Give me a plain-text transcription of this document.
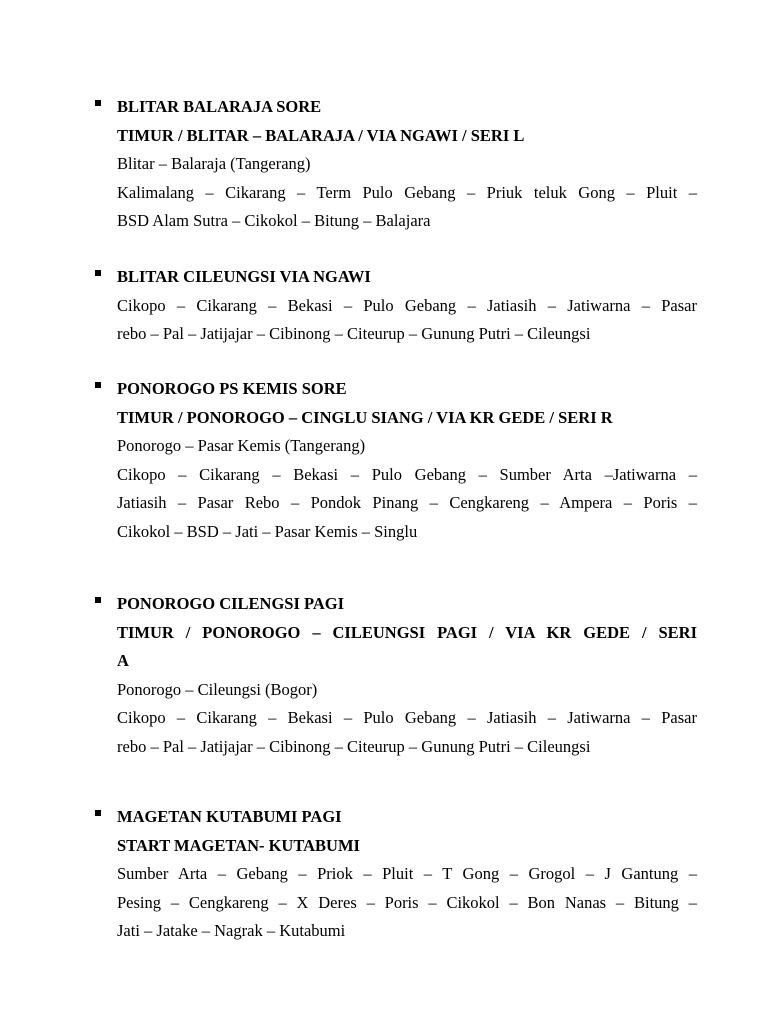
BLITAR BALARAJA SORE
TIMUR / BLITAR – BALARAJA / VIA NGAWI / SERI L
Blitar – Balaraja (Tangerang)
Kalimalang – Cikarang – Term Pulo Gebang – Priuk teluk Gong – Pluit –
BSD Alam Sutra – Cikokol – Bitung – Balajara
BLITAR CILEUNGSI VIA NGAWI
Cikopo – Cikarang – Bekasi – Pulo Gebang – Jatiasih – Jatiwarna – Pasar
rebo – Pal – Jatijajar – Cibinong – Citeurup – Gunung Putri – Cileungsi
PONOROGO PS KEMIS SORE
TIMUR / PONOROGO – CINGLU SIANG / VIA KR GEDE / SERI R
Ponorogo – Pasar Kemis (Tangerang)
Cikopo – Cikarang – Bekasi – Pulo Gebang – Sumber Arta –Jatiwarna –
Jatiasih – Pasar Rebo – Pondok Pinang – Cengkareng – Ampera – Poris –
Cikokol – BSD – Jati – Pasar Kemis – Singlu
PONOROGO CILENGSI PAGI
TIMUR / PONOROGO – CILEUNGSI PAGI / VIA KR GEDE / SERI
A
Ponorogo – Cileungsi (Bogor)
Cikopo – Cikarang – Bekasi – Pulo Gebang – Jatiasih – Jatiwarna – Pasar
rebo – Pal – Jatijajar – Cibinong – Citeurup – Gunung Putri – Cileungsi
MAGETAN KUTABUMI PAGI
START MAGETAN- KUTABUMI
Sumber Arta – Gebang – Priok – Pluit – T Gong – Grogol – J Gantung –
Pesing – Cengkareng – X Deres – Poris – Cikokol – Bon Nanas – Bitung –
Jati – Jatake – Nagrak – Kutabumi
